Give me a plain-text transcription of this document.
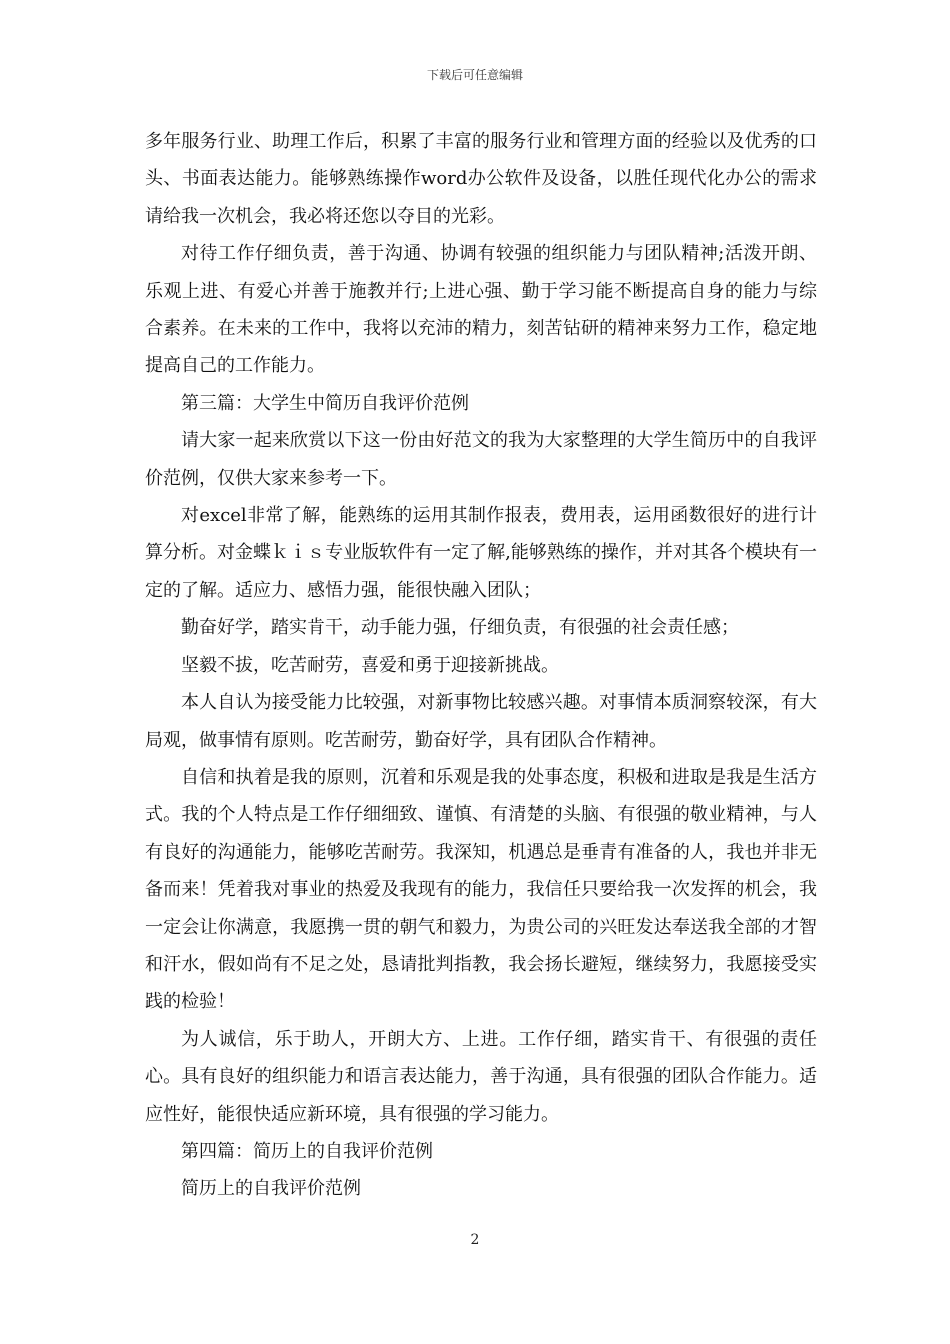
下载后可任意编辑

多年服务行业、助理工作后，积累了丰富的服务行业和管理方面的经验以及优秀的口头、书面表达能力。能够熟练操作word办公软件及设备，以胜任现代化办公的需求请给我一次机会，我必将还您以夺目的光彩。

对待工作仔细负责，善于沟通、协调有较强的组织能力与团队精神;活泼开朗、乐观上进、有爱心并善于施教并行;上进心强、勤于学习能不断提高自身的能力与综合素养。在未来的工作中，我将以充沛的精力，刻苦钻研的精神来努力工作，稳定地提高自己的工作能力。

第三篇：大学生中简历自我评价范例

请大家一起来欣赏以下这一份由好范文的我为大家整理的大学生简历中的自我评价范例，仅供大家来参考一下。

对excel非常了解，能熟练的运用其制作报表，费用表，运用函数很好的进行计算分析。对金蝶ｋｉｓ专业版软件有一定了解,能够熟练的操作，并对其各个模块有一定的了解。适应力、感悟力强，能很快融入团队；

勤奋好学，踏实肯干，动手能力强，仔细负责，有很强的社会责任感；

坚毅不拔，吃苦耐劳，喜爱和勇于迎接新挑战。

本人自认为接受能力比较强，对新事物比较感兴趣。对事情本质洞察较深，有大局观，做事情有原则。吃苦耐劳，勤奋好学，具有团队合作精神。

自信和执着是我的原则，沉着和乐观是我的处事态度，积极和进取是我是生活方式。我的个人特点是工作仔细细致、谨慎、有清楚的头脑、有很强的敬业精神，与人有良好的沟通能力，能够吃苦耐劳。我深知，机遇总是垂青有准备的人，我也并非无备而来！凭着我对事业的热爱及我现有的能力，我信任只要给我一次发挥的机会，我一定会让你满意，我愿携一贯的朝气和毅力，为贵公司的兴旺发达奉送我全部的才智和汗水，假如尚有不足之处，恳请批判指教，我会扬长避短，继续努力，我愿接受实践的检验！

为人诚信，乐于助人，开朗大方、上进。工作仔细，踏实肯干、有很强的责任心。具有良好的组织能力和语言表达能力，善于沟通，具有很强的团队合作能力。适应性好，能很快适应新环境，具有很强的学习能力。

第四篇：简历上的自我评价范例

简历上的自我评价范例

2
